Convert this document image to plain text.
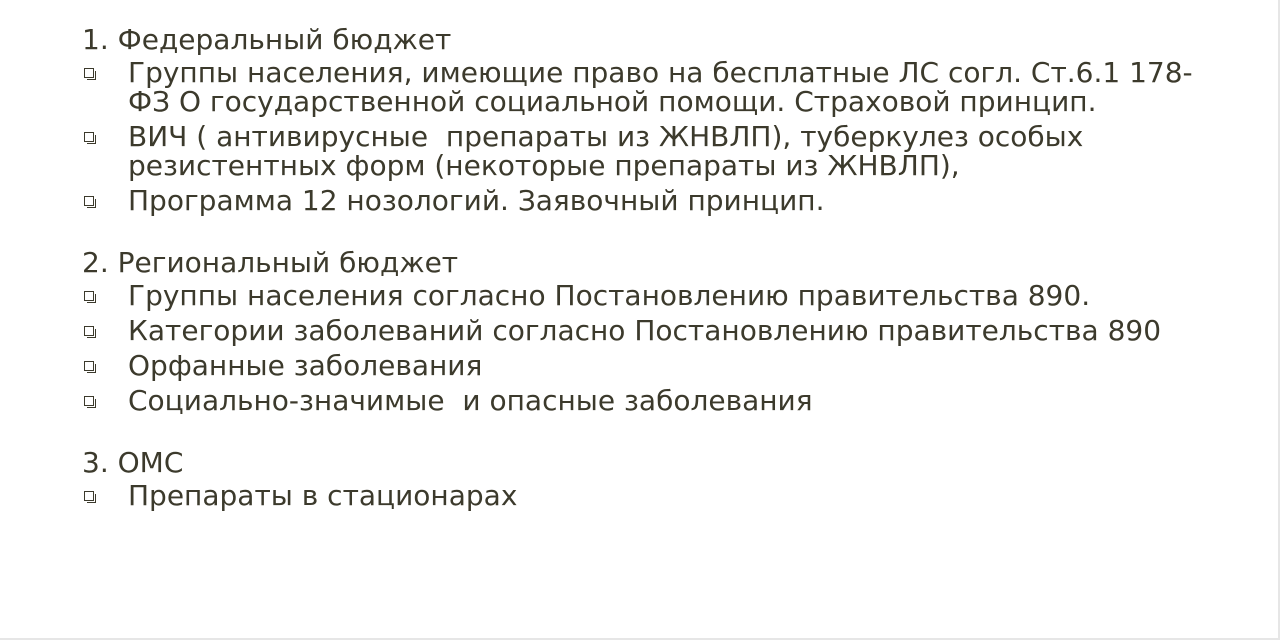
1. Федеральный бюджет
Группы населения, имеющие право на бесплатные ЛС согл. Ст.6.1 178-ФЗ О государственной социальной помощи. Страховой принцип.
ВИЧ ( антивирусные  препараты из ЖНВЛП), туберкулез особых резистентных форм (некоторые препараты из ЖНВЛП),
Программа 12 нозологий. Заявочный принцип.
2. Региональный бюджет
Группы населения согласно Постановлению правительства 890.
Категории заболеваний согласно Постановлению правительства 890
Орфанные заболевания
Социально-значимые  и опасные заболевания
3. ОМС
Препараты в стационарах
